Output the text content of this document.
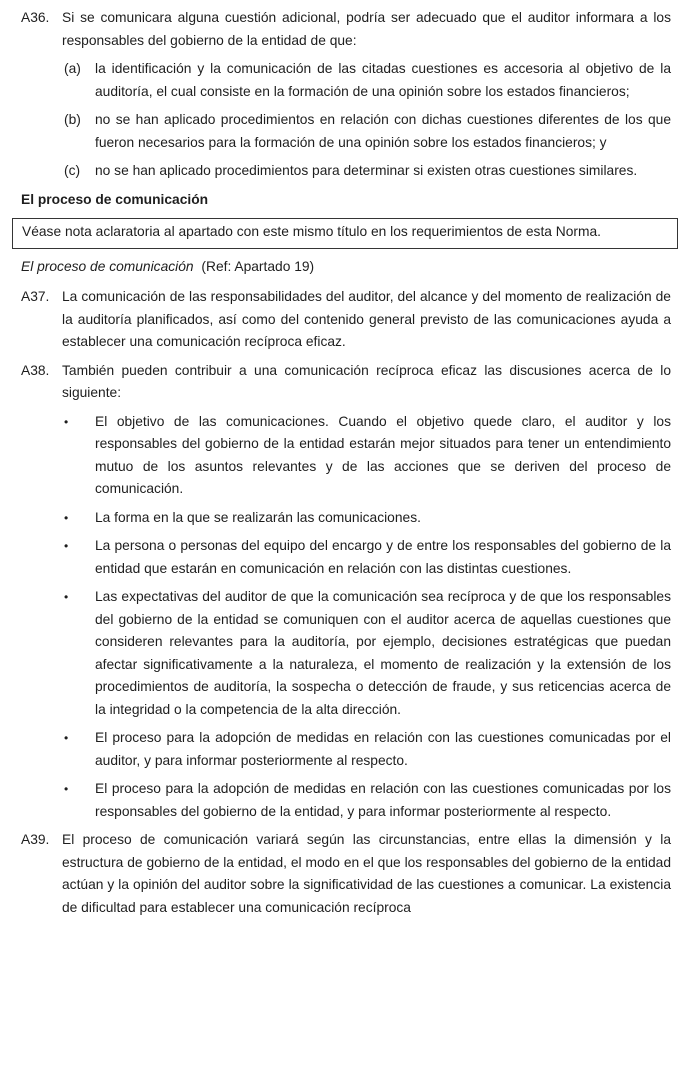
A36. Si se comunicara alguna cuestión adicional, podría ser adecuado que el auditor informara a los responsables del gobierno de la entidad de que:
(a)	la identificación y la comunicación de las citadas cuestiones es accesoria al objetivo de la auditoría, el cual consiste en la formación de una opinión sobre los estados financieros;
(b)	no se han aplicado procedimientos en relación con dichas cuestiones diferentes de los que fueron necesarios para la formación de una opinión sobre los estados financieros; y
(c)	no se han aplicado procedimientos para determinar si existen otras cuestiones similares.
El proceso de comunicación
Véase nota aclaratoria al apartado con este mismo título en los requerimientos de esta Norma.
El proceso de comunicación (Ref: Apartado 19)
A37. La comunicación de las responsabilidades del auditor, del alcance y del momento de realización de la auditoría planificados, así como del contenido general previsto de las comunicaciones ayuda a establecer una comunicación recíproca eficaz.
A38. También pueden contribuir a una comunicación recíproca eficaz las discusiones acerca de lo siguiente:
•	El objetivo de las comunicaciones. Cuando el objetivo quede claro, el auditor y los responsables del gobierno de la entidad estarán mejor situados para tener un entendimiento mutuo de los asuntos relevantes y de las acciones que se deriven del proceso de comunicación.
•	La forma en la que se realizarán las comunicaciones.
•	La persona o personas del equipo del encargo y de entre los responsables del gobierno de la entidad que estarán en comunicación en relación con las distintas cuestiones.
•	Las expectativas del auditor de que la comunicación sea recíproca y de que los responsables del gobierno de la entidad se comuniquen con el auditor acerca de aquellas cuestiones que consideren relevantes para la auditoría, por ejemplo, decisiones estratégicas que puedan afectar significativamente a la naturaleza, el momento de realización y la extensión de los procedimientos de auditoría, la sospecha o detección de fraude, y sus reticencias acerca de la integridad o la competencia de la alta dirección.
•	El proceso para la adopción de medidas en relación con las cuestiones comunicadas por el auditor, y para informar posteriormente al respecto.
•	El proceso para la adopción de medidas en relación con las cuestiones comunicadas por los responsables del gobierno de la entidad, y para informar posteriormente al respecto.
A39. El proceso de comunicación variará según las circunstancias, entre ellas la dimensión y la estructura de gobierno de la entidad, el modo en el que los responsables del gobierno de la entidad actúan y la opinión del auditor sobre la significatividad de las cuestiones a comunicar. La existencia de dificultad para establecer una comunicación recíproca
